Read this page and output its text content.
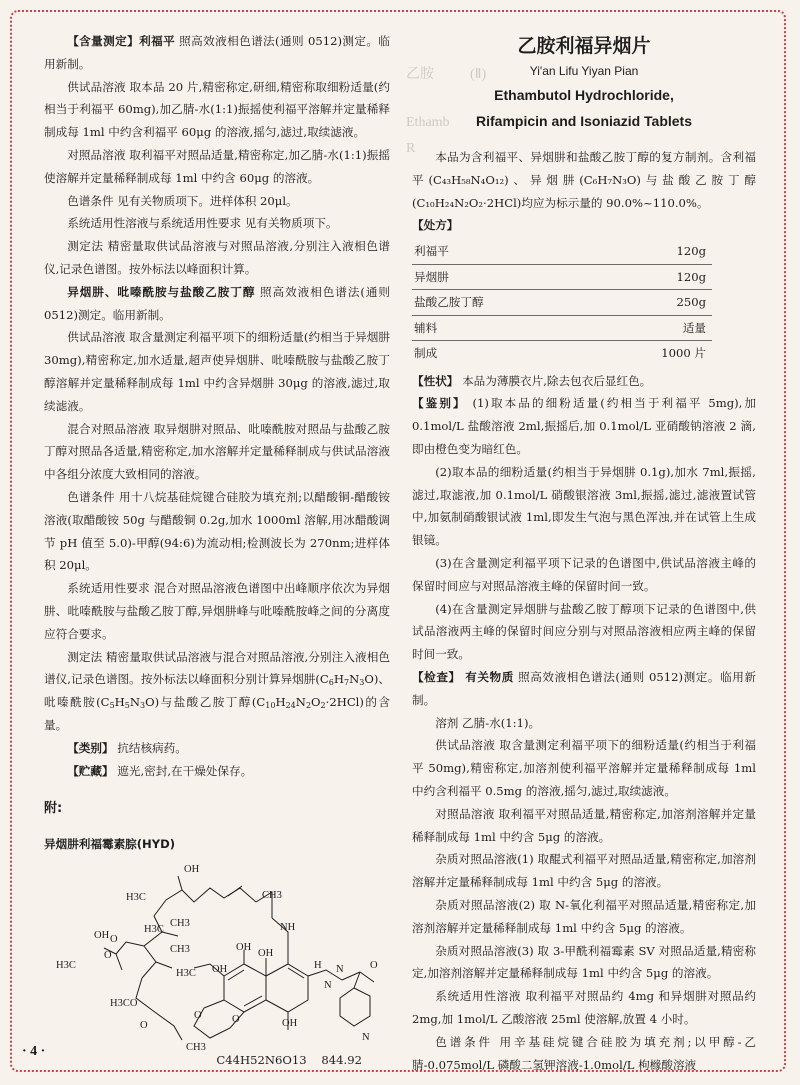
【含量测定】利福平 照高效液相色谱法(通则 0512)测定。临用新制。

供试品溶液 取本品 20 片,精密称定,研细,精密称取细粉适量(约相当于利福平 60mg),加乙腈-水(1:1)振摇使利福平溶解并定量稀释制成每 1ml 中约含利福平 60μg 的溶液,摇匀,滤过,取续滤液。

对照品溶液 取利福平对照品适量,精密称定,加乙腈-水(1:1)振摇使溶解并定量稀释制成每 1ml 中约含 60μg 的溶液。

色谱条件 见有关物质项下。进样体积 20μl。

系统适用性溶液与系统适用性要求 见有关物质项下。

测定法 精密量取供试品溶液与对照品溶液,分别注入液相色谱仪,记录色谱图。按外标法以峰面积计算。

异烟肼、吡嗪酰胺与盐酸乙胺丁醇 照高效液相色谱法(通则 0512)测定。临用新制。

供试品溶液 取含量测定利福平项下的细粉适量(约相当于异烟肼 30mg),精密称定,加水适量,超声使异烟肼、吡嗪酰胺与盐酸乙胺丁醇溶解并定量稀释制成每 1ml 中约含异烟肼 30μg 的溶液,滤过,取续滤液。

混合对照品溶液 取异烟肼对照品、吡嗪酰胺对照品与盐酸乙胺丁醇对照品各适量,精密称定,加水溶解并定量稀释制成与供试品溶液中各组分浓度大致相同的溶液。

色谱条件 用十八烷基硅烷键合硅胶为填充剂;以醋酸铜-醋酸铵溶液(取醋酸铵 50g 与醋酸铜 0.2g,加水 1000ml 溶解,用冰醋酸调节 pH 值至 5.0)-甲醇(94:6)为流动相;检测波长为 270nm;进样体积 20μl。

系统适用性要求 混合对照品溶液色谱图中出峰顺序依次为异烟肼、吡嗪酰胺与盐酸乙胺丁醇,异烟肼峰与吡嗪酰胺峰之间的分离度应符合要求。

测定法 精密量取供试品溶液与混合对照品溶液,分别注入液相色谱仪,记录色谱图。按外标法以峰面积分别计算异烟肼$(C_6H_7N_3O)$、吡嗪酰胺$(C_5H_5N_3O)$与盐酸乙胺丁醇$(C_{10}H_{24}N_2O_2\cdot 2HCl)$的含量。

【类别】 抗结核病药。

【贮藏】 遮光,密封,在干燥处保存。

附:
异烟肼利福霉素腙(HYD)
OH
H3C	CH3
CH3
H3C
O
OH
H3C
O
CH3	OH
OH
NH
H3C OH
H3CO
O
H
N
N
OH
O
N
O
CH3
O
C44H52N6O13 844.92
乙胺	(Ⅱ)
Ethamb
R
乙胺利福异烟片
Yi'an Lifu Yiyan Pian
Ethambutol Hydrochloride,
Rifampicin and Isoniazid Tablets

本品为含利福平、异烟肼和盐酸乙胺丁醇的复方制剂。含利福平(C₄₃H₅₈N₄O₁₂)、异烟肼(C₆H₇N₃O)与盐酸乙胺丁醇(C₁₀H₂₄N₂O₂·2HCl)均应为标示量的 90.0%~110.0%。

【处方】

利福平	120g
异烟肼	120g
盐酸乙胺丁醇	250g
辅料	适量
制成	1000 片

【性状】 本品为薄膜衣片,除去包衣后显红色。

【鉴别】 (1)取本品的细粉适量(约相当于利福平 5mg),加 0.1mol/L 盐酸溶液 2ml,振摇后,加 0.1mol/L 亚硝酸钠溶液 2 滴,即由橙色变为暗红色。

(2)取本品的细粉适量(约相当于异烟肼 0.1g),加水 7ml,振摇,滤过,取滤液,加 0.1mol/L 硝酸银溶液 3ml,振摇,滤过,滤液置试管中,加氨制硝酸银试液 1ml,即发生气泡与黑色浑浊,并在试管上生成银镜。

(3)在含量测定利福平项下记录的色谱图中,供试品溶液主峰的保留时间应与对照品溶液主峰的保留时间一致。

(4)在含量测定异烟肼与盐酸乙胺丁醇项下记录的色谱图中,供试品溶液两主峰的保留时间应分别与对照品溶液相应两主峰的保留时间一致。

【检查】 有关物质 照高效液相色谱法(通则 0512)测定。临用新制。

溶剂 乙腈-水(1:1)。

供试品溶液 取含量测定利福平项下的细粉适量(约相当于利福平 50mg),精密称定,加溶剂使利福平溶解并定量稀释制成每 1ml 中约含利福平 0.5mg 的溶液,摇匀,滤过,取续滤液。

对照品溶液 取利福平对照品适量,精密称定,加溶剂溶解并定量稀释制成每 1ml 中约含 5μg 的溶液。

杂质对照品溶液(1) 取醌式利福平对照品适量,精密称定,加溶剂溶解并定量稀释制成每 1ml 中约含 5μg 的溶液。

杂质对照品溶液(2) 取 N-氧化利福平对照品适量,精密称定,加溶剂溶解并定量稀释制成每 1ml 中约含 5μg 的溶液。

杂质对照品溶液(3) 取 3-甲酰利福霉素 SV 对照品适量,精密称定,加溶剂溶解并定量稀释制成每 1ml 中约含 5μg 的溶液。

系统适用性溶液 取利福平对照品约 4mg 和异烟肼对照品约 2mg,加 1mol/L 乙酸溶液 25ml 使溶解,放置 4 小时。

色谱条件 用辛基硅烷键合硅胶为填充剂;以甲醇-乙腈-0.075mol/L 磷酸二氢钾溶液-1.0mol/L 枸橼酸溶液

· 4 ·
